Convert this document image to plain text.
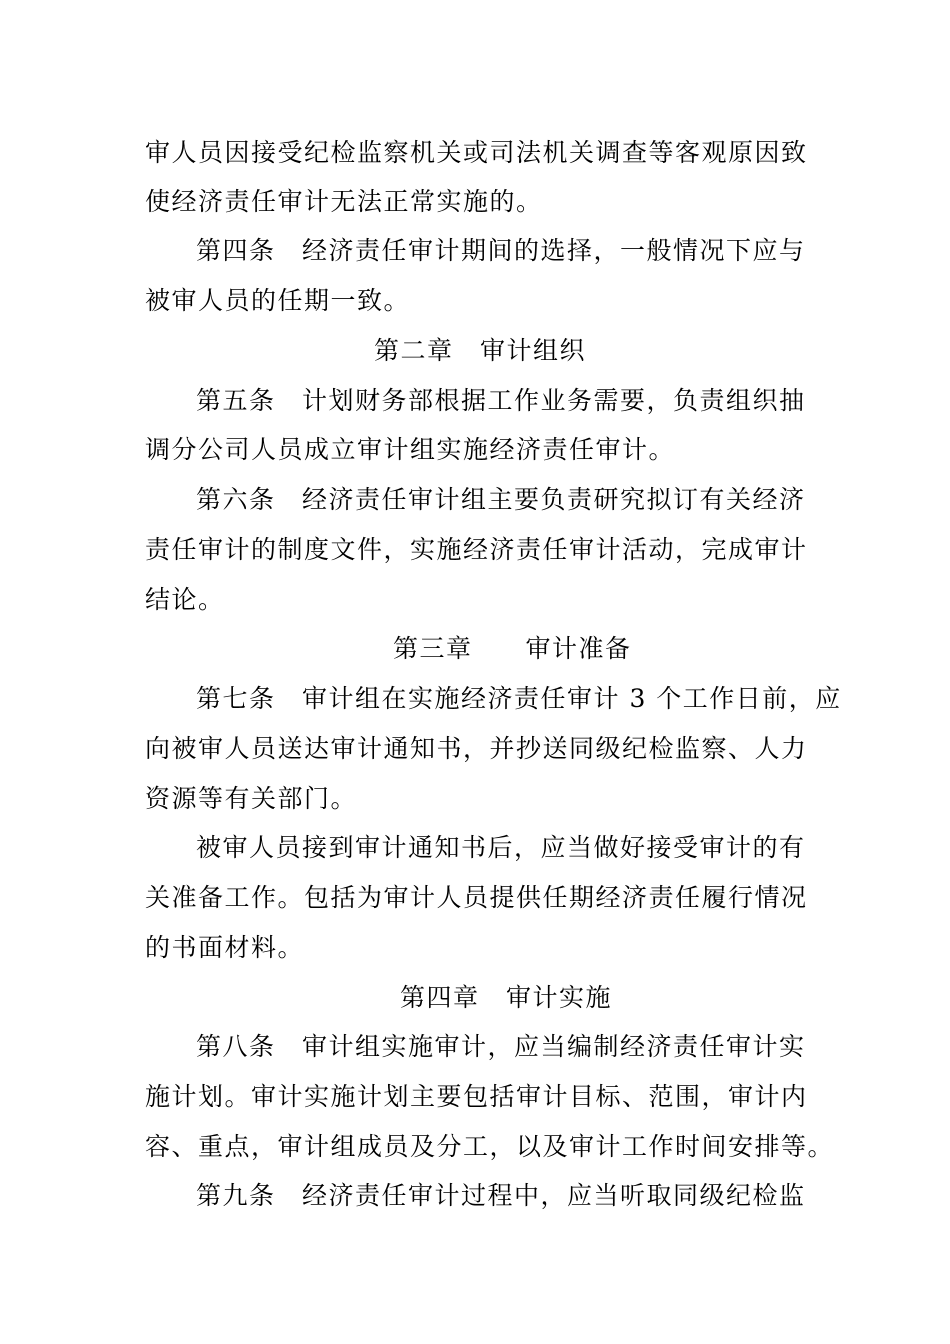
审人员因接受纪检监察机关或司法机关调查等客观原因致
使经济责任审计无法正常实施的。
第四条　经济责任审计期间的选择，一般情况下应与
被审人员的任期一致。
第二章　审计组织
第五条　计划财务部根据工作业务需要，负责组织抽
调分公司人员成立审计组实施经济责任审计。
第六条　经济责任审计组主要负责研究拟订有关经济
责任审计的制度文件，实施经济责任审计活动，完成审计
结论。
第三章　　审计准备
第七条　审计组在实施经济责任审计 3 个工作日前，应
向被审人员送达审计通知书，并抄送同级纪检监察、人力
资源等有关部门。
被审人员接到审计通知书后，应当做好接受审计的有
关准备工作。包括为审计人员提供任期经济责任履行情况
的书面材料。
第四章　审计实施
第八条　审计组实施审计，应当编制经济责任审计实
施计划。审计实施计划主要包括审计目标、范围，审计内
容、重点，审计组成员及分工，以及审计工作时间安排等。
第九条　经济责任审计过程中，应当听取同级纪检监
